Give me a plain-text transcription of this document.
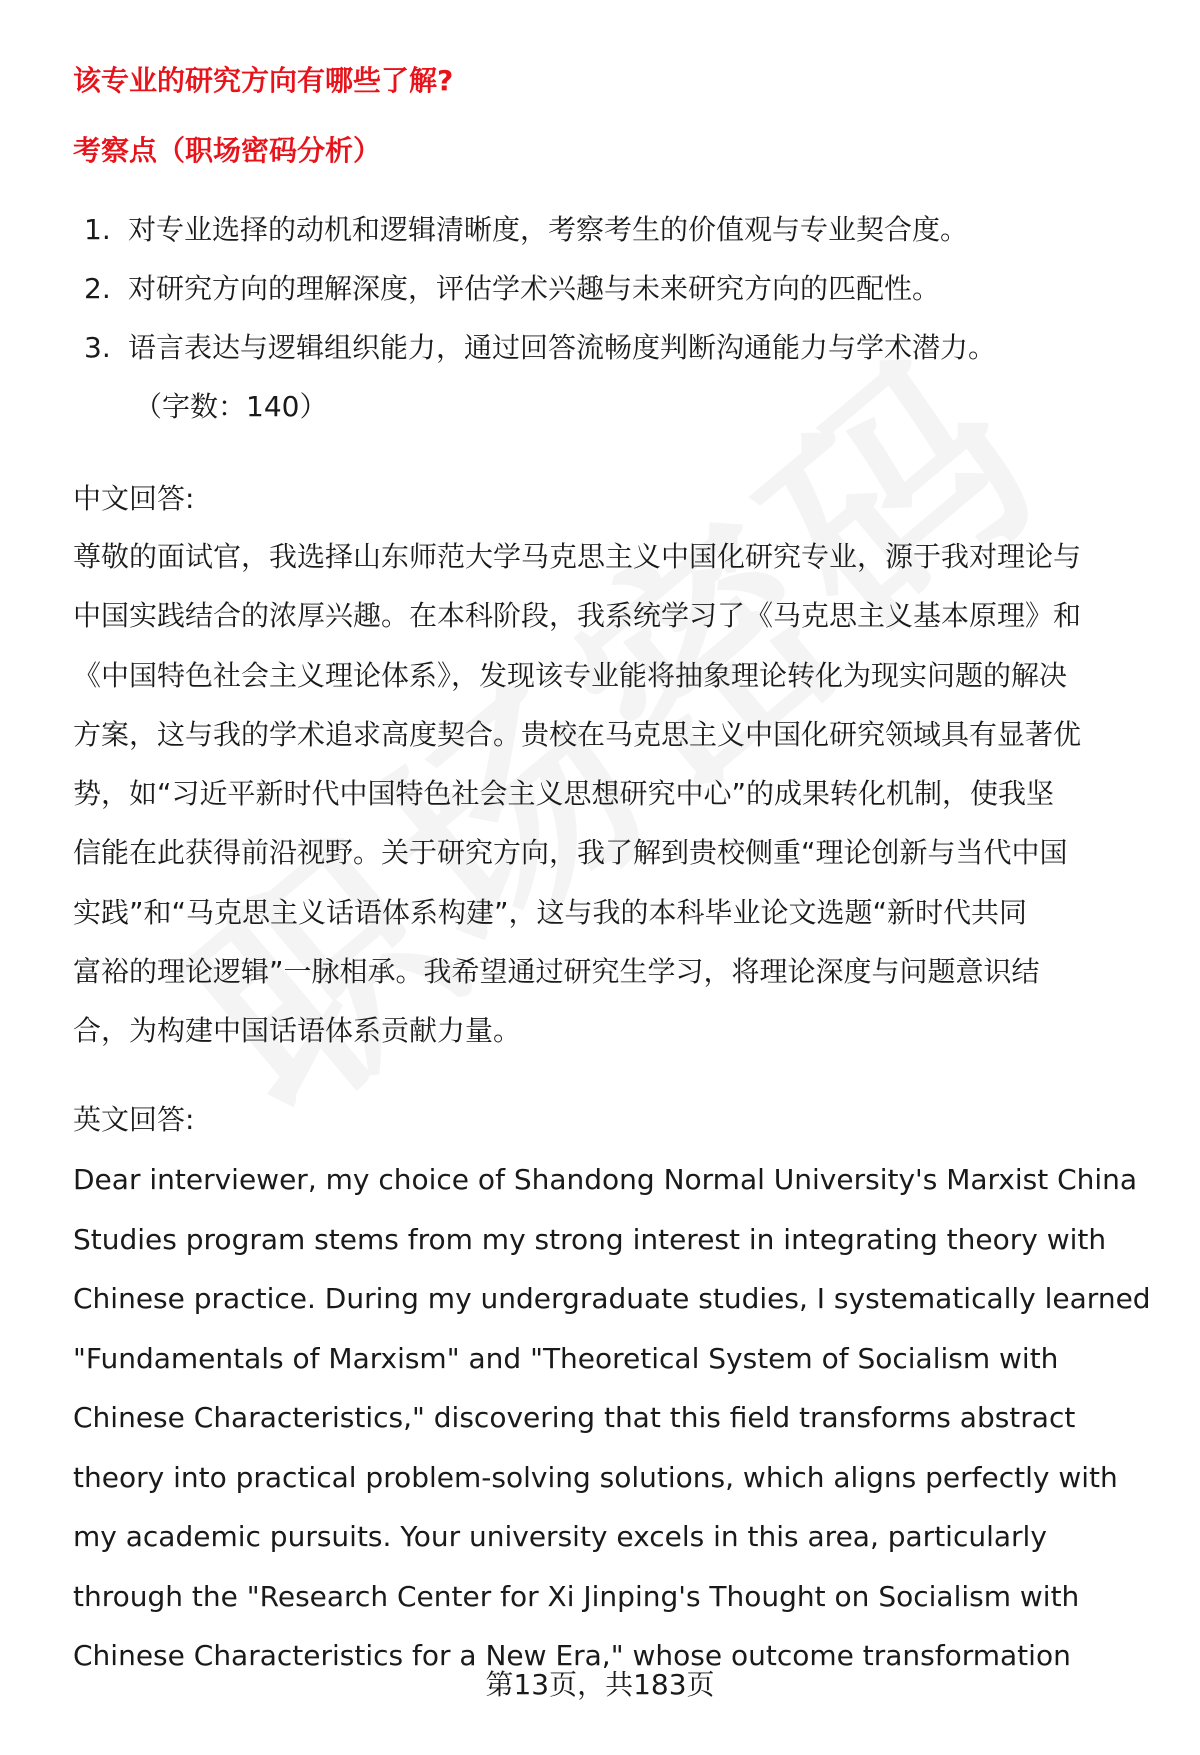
该专业的研究方向有哪些了解?
考察点（职场密码分析）
1. 对专业选择的动机和逻辑清晰度，考察考生的价值观与专业契合度。
2. 对研究方向的理解深度，评估学术兴趣与未来研究方向的匹配性。
3. 语言表达与逻辑组织能力，通过回答流畅度判断沟通能力与学术潜力。
（字数：140）

中文回答:

尊敬的面试官，我选择山东师范大学马克思主义中国化研究专业，源于我对理论与
中国实践结合的浓厚兴趣。在本科阶段，我系统学习了《马克思主义基本原理》和
《中国特色社会主义理论体系》，发现该专业能将抽象理论转化为现实问题的解决
方案，这与我的学术追求高度契合。贵校在马克思主义中国化研究领域具有显著优
势，如“习近平新时代中国特色社会主义思想研究中心”的成果转化机制，使我坚
信能在此获得前沿视野。关于研究方向，我了解到贵校侧重“理论创新与当代中国
实践”和“马克思主义话语体系构建”，这与我的本科毕业论文选题“新时代共同
富裕的理论逻辑”一脉相承。我希望通过研究生学习，将理论深度与问题意识结
合，为构建中国话语体系贡献力量。

英文回答:

Dear interviewer, my choice of Shandong Normal University's Marxist China
Studies program stems from my strong interest in integrating theory with
Chinese practice. During my undergraduate studies, I systematically learned
"Fundamentals of Marxism" and "Theoretical System of Socialism with
Chinese Characteristics," discovering that this field transforms abstract
theory into practical problem-solving solutions, which aligns perfectly with
my academic pursuits. Your university excels in this area, particularly
through the "Research Center for Xi Jinping's Thought on Socialism with
Chinese Characteristics for a New Era," whose outcome transformation
第13页，共183页
